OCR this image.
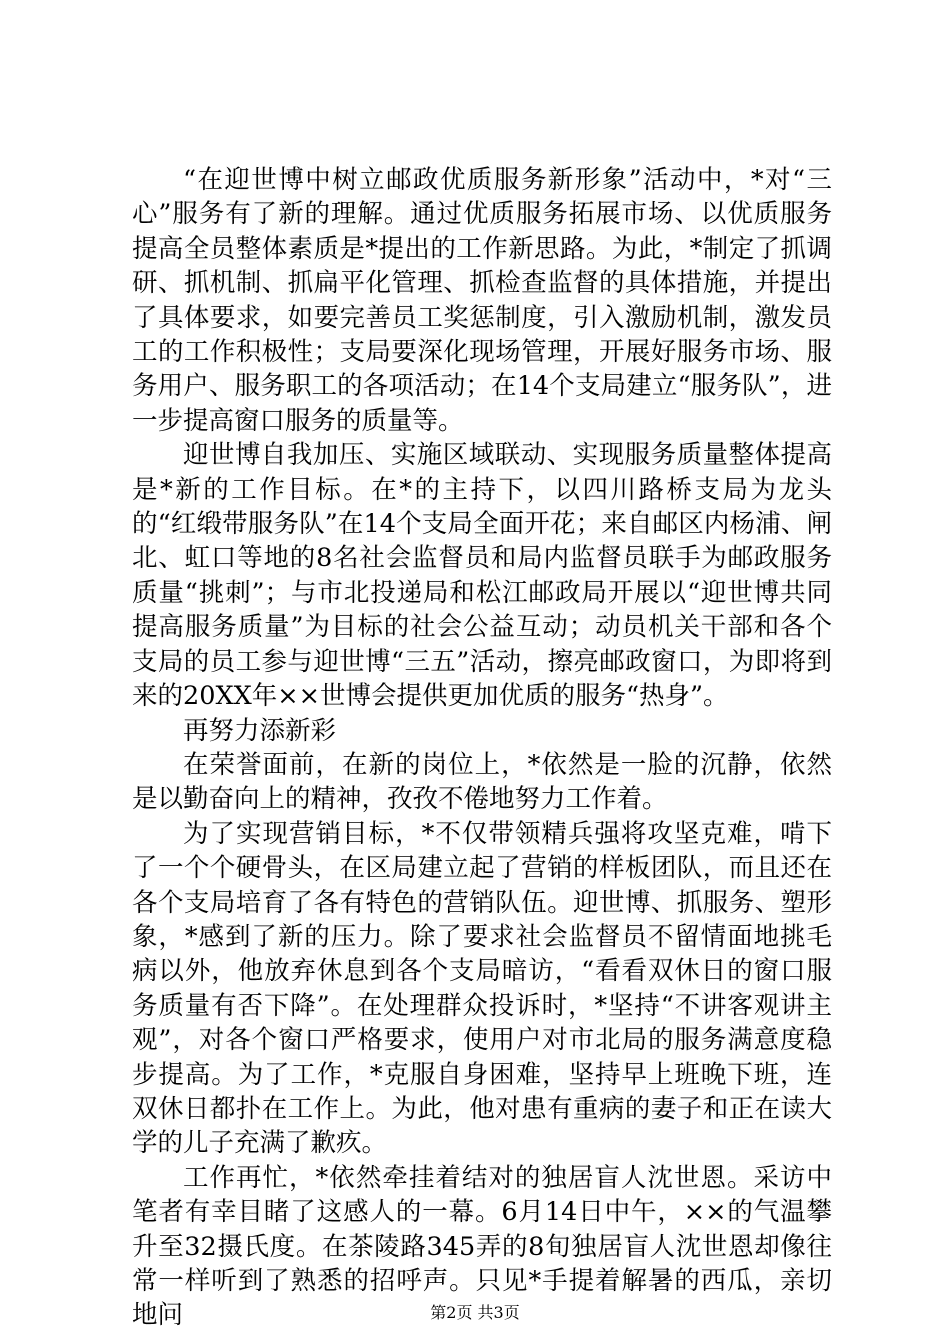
“在迎世博中树立邮政优质服务新形象”活动中，*对“三心”服务有了新的理解。通过优质服务拓展市场、以优质服务提高全员整体素质是*提出的工作新思路。为此，*制定了抓调研、抓机制、抓扁平化管理、抓检查监督的具体措施，并提出了具体要求，如要完善员工奖惩制度，引入激励机制，激发员工的工作积极性；支局要深化现场管理，开展好服务市场、服务用户、服务职工的各项活动；在14个支局建立“服务队”，进一步提高窗口服务的质量等。

迎世博自我加压、实施区域联动、实现服务质量整体提高是*新的工作目标。在*的主持下，以四川路桥支局为龙头的“红缎带服务队”在14个支局全面开花；来自邮区内杨浦、闸北、虹口等地的8名社会监督员和局内监督员联手为邮政服务质量“挑刺”；与市北投递局和松江邮政局开展以“迎世博共同提高服务质量”为目标的社会公益互动；动员机关干部和各个支局的员工参与迎世博“三五”活动，擦亮邮政窗口，为即将到来的20XX年××世博会提供更加优质的服务“热身”。

再努力添新彩

在荣誉面前，在新的岗位上，*依然是一脸的沉静，依然是以勤奋向上的精神，孜孜不倦地努力工作着。

为了实现营销目标，*不仅带领精兵强将攻坚克难，啃下了一个个硬骨头，在区局建立起了营销的样板团队，而且还在各个支局培育了各有特色的营销队伍。迎世博、抓服务、塑形象，*感到了新的压力。除了要求社会监督员不留情面地挑毛病以外，他放弃休息到各个支局暗访，“看看双休日的窗口服务质量有否下降”。在处理群众投诉时，*坚持“不讲客观讲主观”，对各个窗口严格要求，使用户对市北局的服务满意度稳步提高。为了工作，*克服自身困难，坚持早上班晚下班，连双休日都扑在工作上。为此，他对患有重病的妻子和正在读大学的儿子充满了歉疚。

工作再忙，*依然牵挂着结对的独居盲人沈世恩。采访中笔者有幸目睹了这感人的一幕。6月14日中午，××的气温攀升至32摄氏度。在茶陵路345弄的8旬独居盲人沈世恩却像往常一样听到了熟悉的招呼声。只见*手提着解暑的西瓜，亲切地问	第2页 共3页
